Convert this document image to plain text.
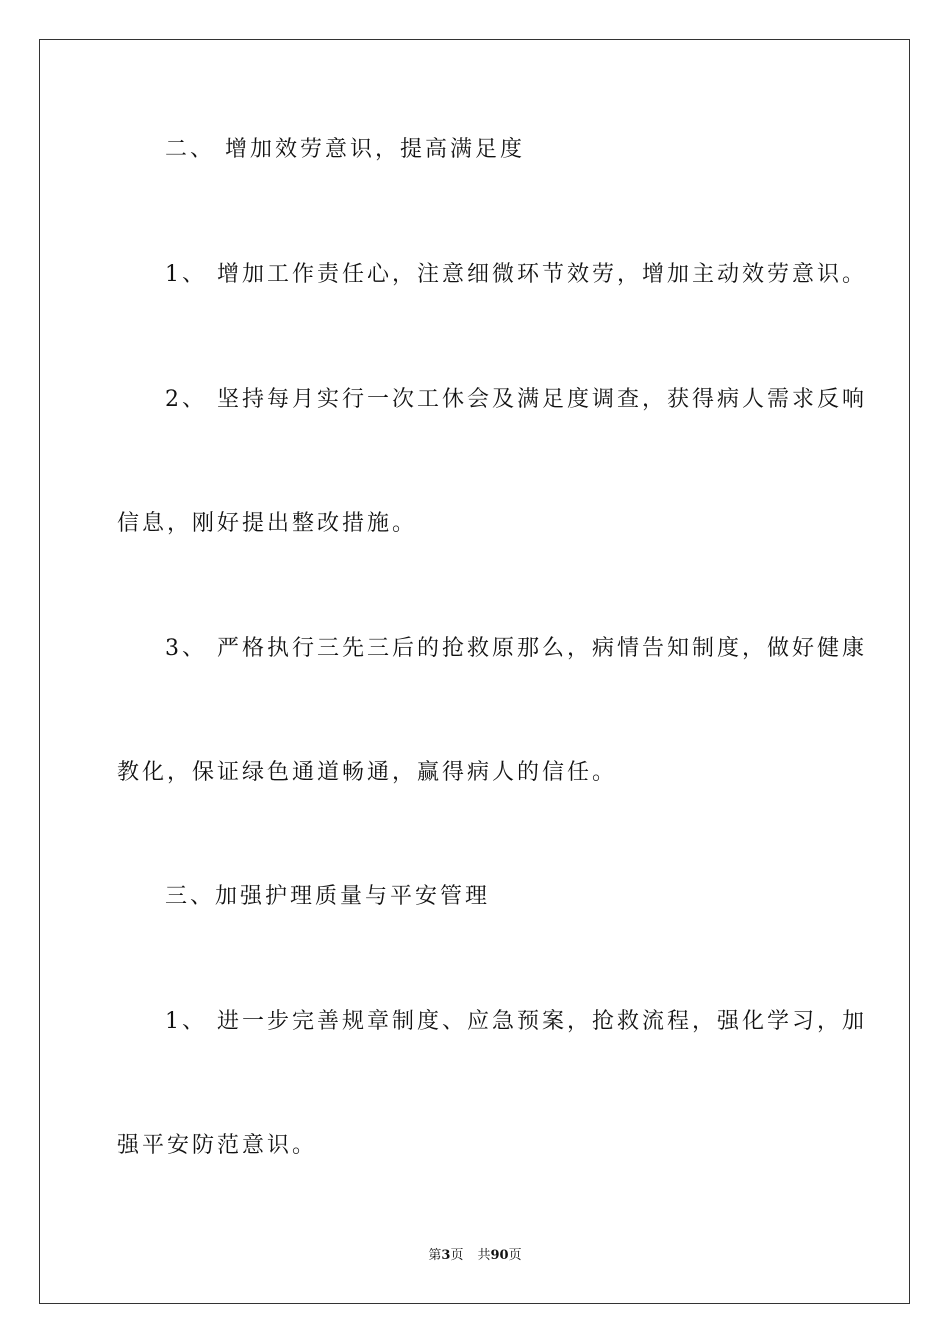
二、 增加效劳意识，提高满足度
1、 增加工作责任心，注意细微环节效劳，增加主动效劳意识。
2、 坚持每月实行一次工休会及满足度调查，获得病人需求反响
信息，刚好提出整改措施。
3、 严格执行三先三后的抢救原那么，病情告知制度，做好健康
教化，保证绿色通道畅通，赢得病人的信任。
三、加强护理质量与平安管理
1、 进一步完善规章制度、应急预案，抢救流程，强化学习，加
强平安防范意识。
第3页 共90页
